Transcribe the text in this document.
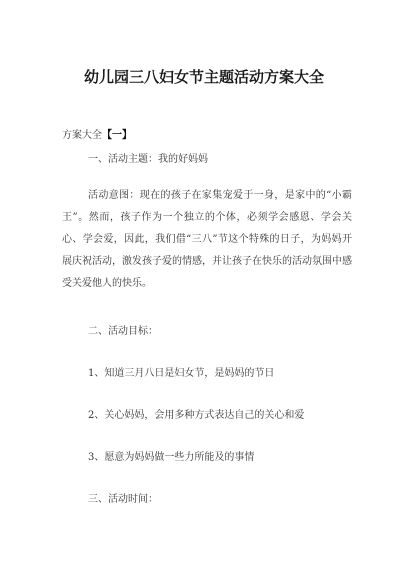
幼儿园三八妇女节主题活动方案大全
方案大全【一】
一、活动主题：我的好妈妈
活动意图：现在的孩子在家集宠爱于一身，是家中的“小霸王”。然而，孩子作为一个独立的个体，必须学会感恩、学会关心、学会爱，因此，我们借“三八”节这个特殊的日子，为妈妈开展庆祝活动，激发孩子爱的情感，并让孩子在快乐的活动氛围中感受关爱他人的快乐。
二、活动目标：
1、知道三月八日是妇女节，是妈妈的节日
2、关心妈妈，会用多种方式表达自己的关心和爱
3、愿意为妈妈做一些力所能及的事情
三、活动时间：
